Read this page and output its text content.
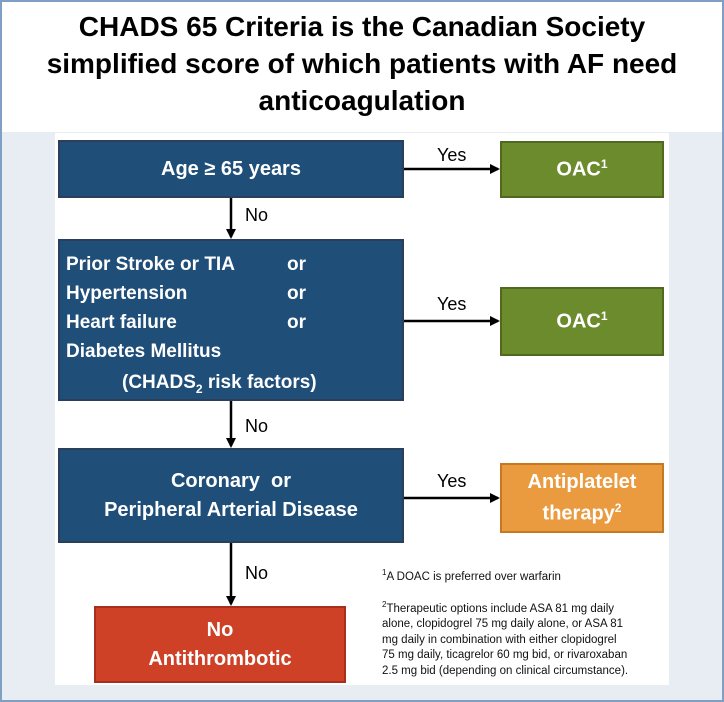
CHADS 65 Criteria is the Canadian Society
simplified score of which patients with AF need
anticoagulation
Age ≥ 65 years	OAC$^1$
Prior Stroke or TIA	or
Hypertension	or
Heart failure	or
Diabetes Mellitus
($CHADS_2$ risk factors)
OAC$^1$
Coronary  or
Peripheral Arterial Disease
Antiplatelet
therapy$^2$
No
Antithrombotic
Yes
Yes
Yes
No
No
No	$^1$A DOAC is preferred over warfarin
$^2$Therapeutic options include ASA 81 mg daily
alone, clopidogrel 75 mg daily alone, or ASA 81
mg daily in combination with either clopidogrel
75 mg daily, ticagrelor 60 mg bid, or rivaroxaban
2.5 mg bid (depending on clinical circumstance).
